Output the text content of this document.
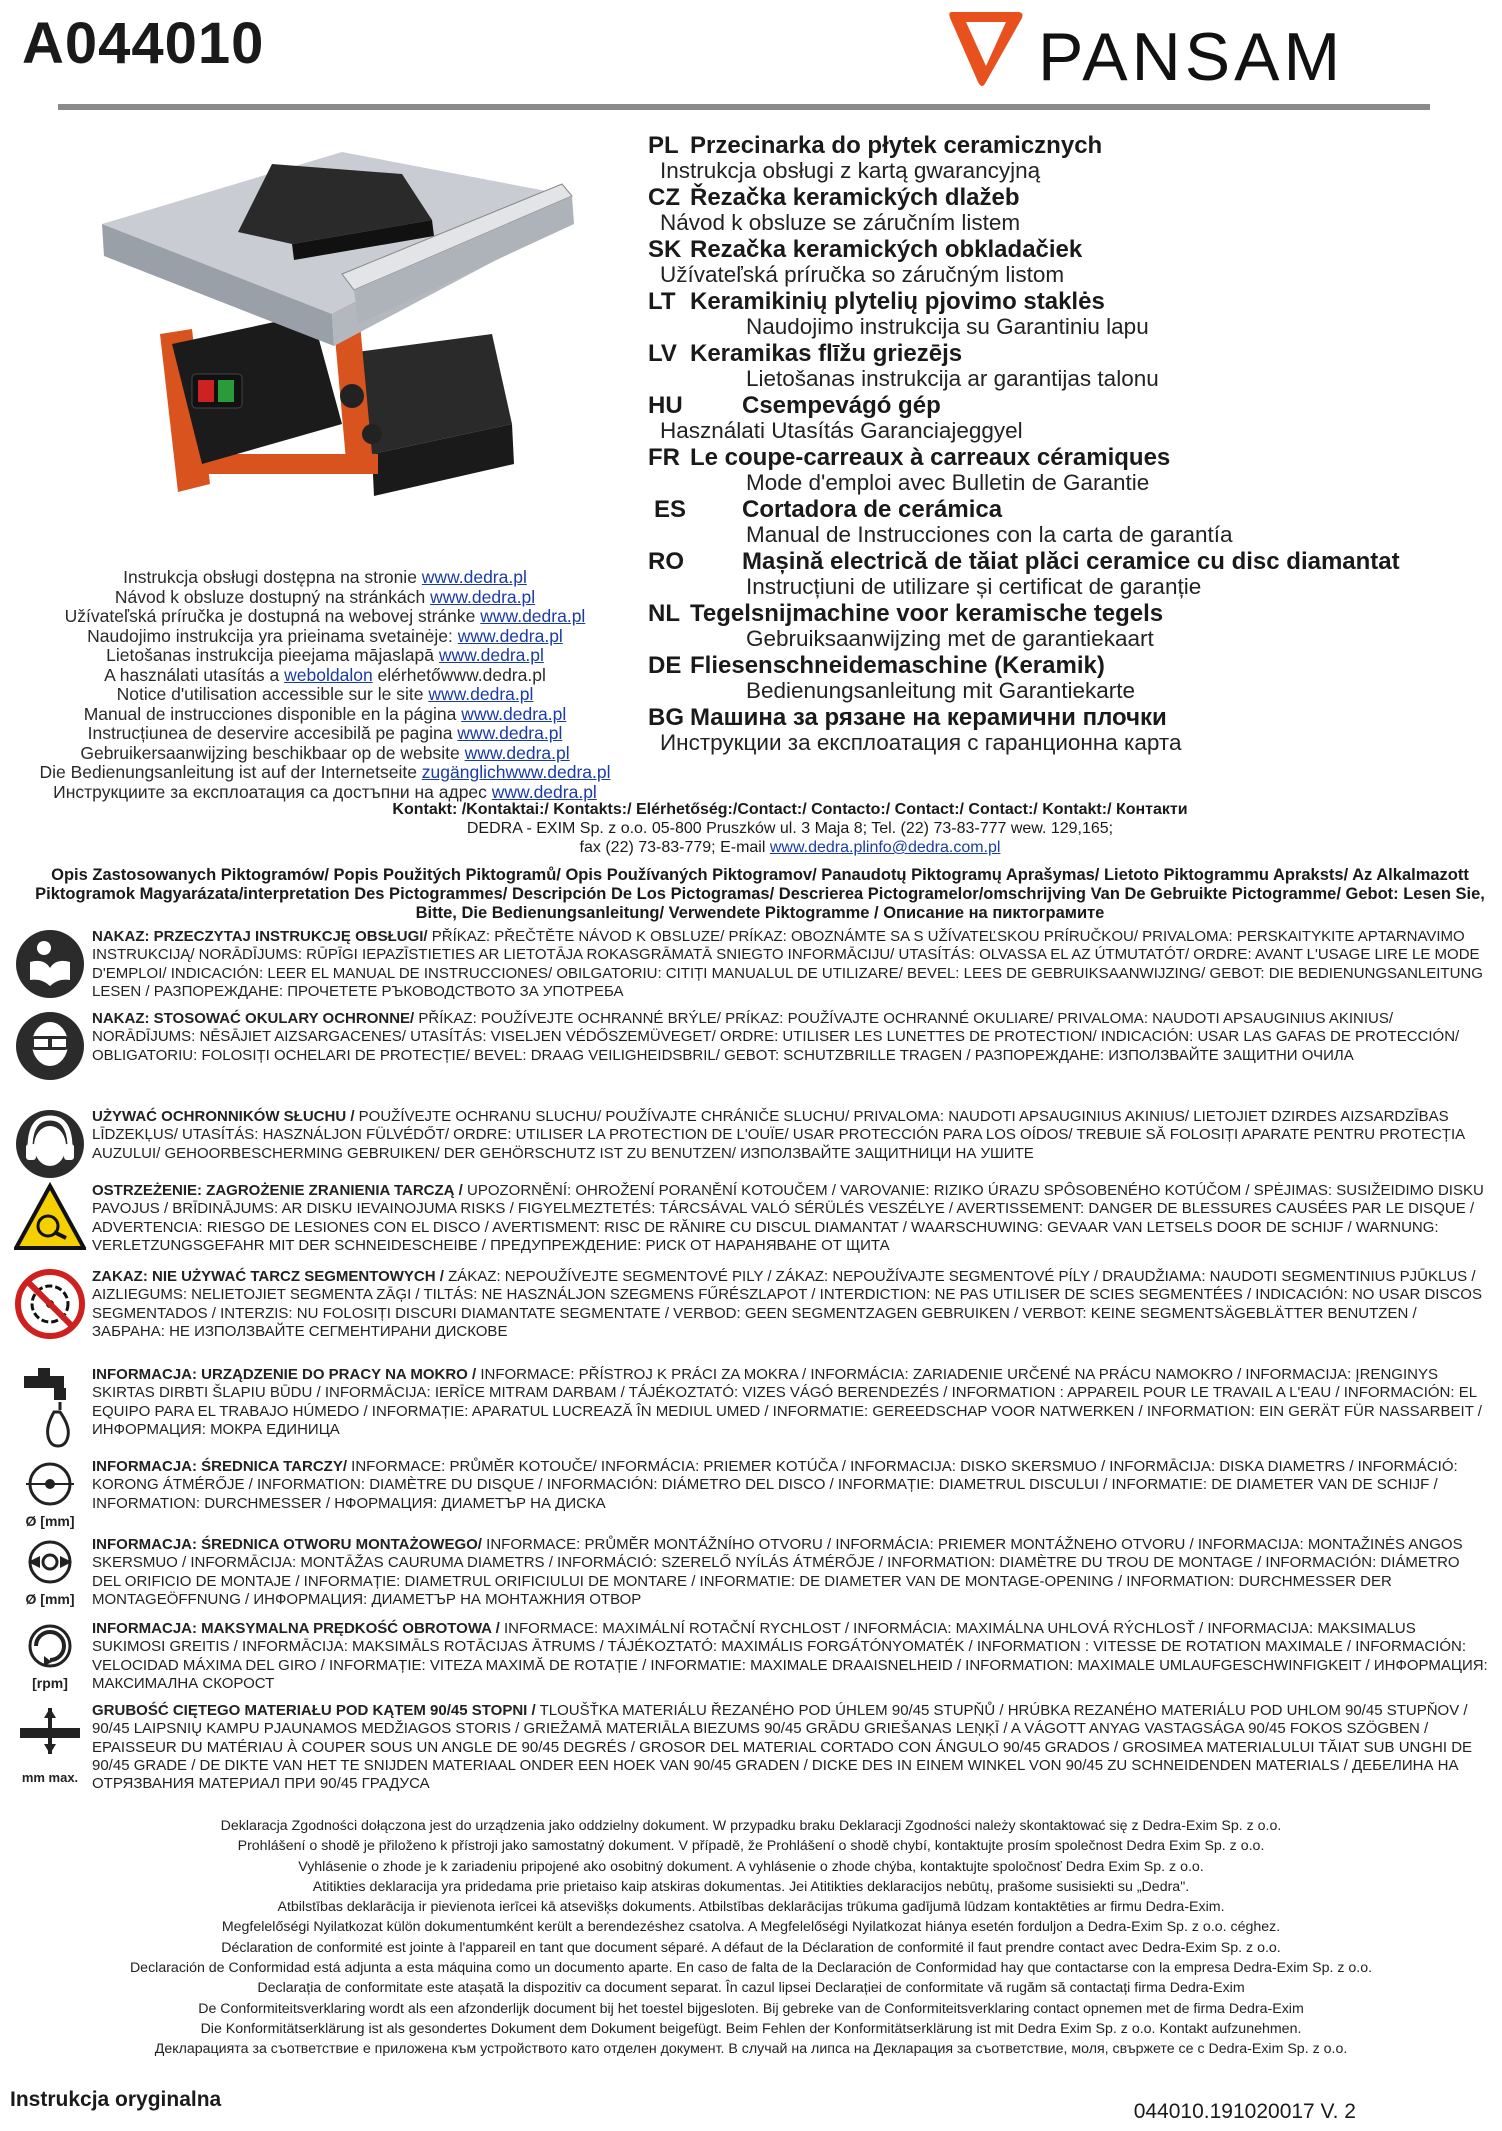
A044010	PANSAM
Instrukcja obsługi dostępna na stronie www.dedra.pl
Návod k obsluze dostupný na stránkách www.dedra.pl
Užívateľská príručka je dostupná na webovej stránke www.dedra.pl
Naudojimo instrukcija yra prieinama svetainėje: www.dedra.pl
Lietošanas instrukcija pieejama mājaslapā www.dedra.pl
A használati utasítás a weboldalon elérhetőwww.dedra.pl
Notice d'utilisation accessible sur le site www.dedra.pl
Manual de instrucciones disponible en la página www.dedra.pl
Instrucțiunea de deservire accesibilă pe pagina www.dedra.pl
Gebruikersaanwijzing beschikbaar op de website www.dedra.pl
Die Bedienungsanleitung ist auf der Internetseite zugänglichwww.dedra.pl
Инструкциите за експлоатация са достъпни на адрес www.dedra.pl
PL Przecinarka do płytek ceramicznych
Instrukcja obsługi z kartą gwarancyjną
CZ Řezačka keramických dlažeb
Návod k obsluze se záručním listem
SK Rezačka keramických obkladačiek
Užívateľská príručka so záručným listom
LT Keramikinių plytelių pjovimo staklės
Naudojimo instrukcija su Garantiniu lapu
LV Keramikas flīžu griezējs
Lietošanas instrukcija ar garantijas talonu
HU Csempevágó gép
Használati Utasítás Garanciajeggyel
FR Le coupe-carreaux à carreaux céramiques
Mode d'emploi avec Bulletin de Garantie
ES Cortadora de cerámica
Manual de Instrucciones con la carta de garantía
RO Mașină electrică de tăiat plăci ceramice cu disc diamantat
Instrucțiuni de utilizare și certificat de garanție
NL Tegelsnijmachine voor keramische tegels
Gebruiksaanwijzing met de garantiekaart
DE Fliesenschneidemaschine (Keramik)
Bedienungsanleitung mit Garantiekarte
BG Машина за рязане на керамични плочки
Инструкции за експлоатация с гаранционна карта
Kontakt: /Kontaktai:/ Kontakts:/ Elérhetőség:/Contact:/ Contacto:/ Contact:/ Contact:/ Kontakt:/ Контакти
DEDRA - EXIM Sp. z o.o. 05-800 Pruszków ul. 3 Maja 8; Tel. (22) 73-83-777 wew. 129,165;
fax (22) 73-83-779; E-mail www.dedra.plinfo@dedra.com.pl
Opis Zastosowanych Piktogramów/ Popis Použitých Piktogramů/ Opis Používaných Piktogramov/ Panaudotų Piktogramų Aprašymas/ Lietoto Piktogrammu Apraksts/ Az Alkalmazott Piktogramok Magyarázata/interpretation Des Pictogrammes/ Descripción De Los Pictogramas/ Descrierea Pictogramelor/omschrijving Van De Gebruikte Pictogramme/ Gebot: Lesen Sie, Bitte, Die Bedienungsanleitung/ Verwendete Piktogramme / Описание на пиктограмите
NAKAZ: PRZECZYTAJ INSTRUKCJĘ OBSŁUGI/ PŘÍKAZ: PŘEČTĚTE NÁVOD K OBSLUZE/ PRÍKAZ: OBOZNÁMTE SA S UŽÍVATEĽSKOU PRÍRUČKOU/ PRIVALOMA: PERSKAITYKITE APTARNAVIMO INSTRUKCIJĄ/ NORĀDĪJUMS: RŪPĪGI IEPAZĪSTIETIES AR LIETOTĀJA ROKASGRĀMATĀ SNIEGTO INFORMĀCIJU/ UTASÍTÁS: OLVASSA EL AZ ÚTMUTATÓT/ ORDRE: AVANT L'USAGE LIRE LE MODE D'EMPLOI/ INDICACIÓN: LEER EL MANUAL DE INSTRUCCIONES/ OBILGATORIU: CITIȚI MANUALUL DE UTILIZARE/ BEVEL: LEES DE GEBRUIKSAANWIJZING/ GEBOT: DIE BEDIENUNGSANLEITUNG LESEN / РАЗПОРЕЖДАНЕ: ПРОЧЕТЕТЕ РЪКОВОДСТВОТО ЗА УПОТРЕБА
NAKAZ: STOSOWAĆ OKULARY OCHRONNE/ PŘÍKAZ: POUŽÍVEJTE OCHRANNÉ BRÝLE/ PRÍKAZ: POUŽÍVAJTE OCHRANNÉ OKULIARE/ PRIVALOMA: NAUDOTI APSAUGINIUS AKINIUS/ NORĀDĪJUMS: NĒSĀJIET AIZSARGACENES/ UTASÍTÁS: VISELJEN VÉDŐSZEMÜVEGET/ ORDRE: UTILISER LES LUNETTES DE PROTECTION/ INDICACIÓN: USAR LAS GAFAS DE PROTECCIÓN/ OBLIGATORIU: FOLOSIȚI OCHELARI DE PROTECȚIE/ BEVEL: DRAAG VEILIGHEIDSBRIL/ GEBOT: SCHUTZBRILLE TRAGEN / РАЗПОРЕЖДАНЕ: ИЗПОЛЗВАЙТЕ ЗАЩИТНИ ОЧИЛА
UŻYWAĆ OCHRONNIKÓW SŁUCHU / POUŽÍVEJTE OCHRANU SLUCHU/ POUŽÍVAJTE CHRÁNIČE SLUCHU/ PRIVALOMA: NAUDOTI APSAUGINIUS AKINIUS/ LIETOJIET DZIRDES AIZSARDZĪBAS LĪDZEKĻUS/ UTASÍTÁS: HASZNÁLJON FÜLVÉDŐT/ ORDRE: UTILISER LA PROTECTION DE L'OUÏE/ USAR PROTECCIÓN PARA LOS OÍDOS/ TREBUIE SĂ FOLOSIȚI APARATE PENTRU PROTECȚIA AUZULUI/ GEHOORBESCHERMING GEBRUIKEN/ DER GEHÖRSCHUTZ IST ZU BENUTZEN/ ИЗПОЛЗВАЙТЕ ЗАЩИТНИЦИ НА УШИТЕ
OSTRZEŻENIE: ZAGROŻENIE ZRANIENIA TARCZĄ / UPOZORNĚNÍ: OHROŽENÍ PORANĚNÍ KOTOUČEM / VAROVANIE: RIZIKO ÚRAZU SPÔSOBENÉHO KOTÚČOM / SPĖJIMAS: SUSIŽEIDIMO DISKU PAVOJUS / BRĪDINĀJUMS: AR DISKU IEVAINOJUMA RISKS / FIGYELMEZTETÉS: TÁRCSÁVAL VALÓ SÉRÜLÉS VESZÉLYE / AVERTISSEMENT: DANGER DE BLESSURES CAUSÉES PAR LE DISQUE / ADVERTENCIA: RIESGO DE LESIONES CON EL DISCO / AVERTISMENT: RISC DE RĂNIRE CU DISCUL DIAMANTAT / WAARSCHUWING: GEVAAR VAN LETSELS DOOR DE SCHIJF / WARNUNG: VERLETZUNGSGEFAHR MIT DER SCHNEIDESCHEIBE / ПРЕДУПРЕЖДЕНИЕ: РИСК ОТ НАРАНЯВАНЕ ОТ ЩИТА
ZAKAZ: NIE UŻYWAĆ TARCZ SEGMENTOWYCH / ZÁKAZ: NEPOUŽÍVEJTE SEGMENTOVÉ PILY / ZÁKAZ: NEPOUŽÍVAJTE SEGMENTOVÉ PÍLY / DRAUDŽIAMA: NAUDOTI SEGMENTINIUS PJŪKLUS / AIZLIEGUMS: NELIETOJIET SEGMENTA ZĀĢI / TILTÁS: NE HASZNÁLJON SZEGMENS FŰRÉSZLAPOT / INTERDICTION: NE PAS UTILISER DE SCIES SEGMENTÉES / INDICACIÓN: NO USAR DISCOS SEGMENTADOS / INTERZIS: NU FOLOSIȚI DISCURI DIAMANTATE SEGMENTATE / VERBOD: GEEN SEGMENTZAGEN GEBRUIKEN / VERBOT: KEINE SEGMENTSÄGEBLÄTTER BENUTZEN / ЗАБРАНА: НЕ ИЗПОЛЗВАЙТЕ СЕГМЕНТИРАНИ ДИСКОВЕ
INFORMACJA: URZĄDZENIE DO PRACY NA MOKRO / INFORMACE: PŘÍSTROJ K PRÁCI ZA MOKRA / INFORMÁCIA: ZARIADENIE URČENÉ NA PRÁCU NAMOKRO / INFORMACIJA: ĮRENGINYS SKIRTAS DIRBTI ŠLAPIU BŪDU / INFORMĀCIJA: IERĪCE MITRAM DARBAM / TÁJÉKOZTATÓ: VIZES VÁGÓ BERENDEZÉS / INFORMATION : APPAREIL POUR LE TRAVAIL A L'EAU / INFORMACIÓN: EL EQUIPO PARA EL TRABAJO HÚMEDO / INFORMAȚIE: APARATUL LUCREAZĂ ÎN MEDIUL UMED / INFORMATIE: GEREEDSCHAP VOOR NATWERKEN / INFORMATION: EIN GERÄT FÜR NASSARBEIT / ИНФОРМАЦИЯ: МОКРА ЕДИНИЦА
Ø [mm]
INFORMACJA: ŚREDNICA TARCZY/ INFORMACE: PRŮMĚR KOTOUČE/ INFORMÁCIA: PRIEMER KOTÚČA / INFORMACIJA: DISKO SKERSMUO / INFORMĀCIJA: DISKA DIAMETRS / INFORMÁCIÓ: KORONG ÁTMÉRŐJE / INFORMATION: DIAMÈTRE DU DISQUE / INFORMACIÓN: DIÁMETRO DEL DISCO / INFORMAȚIE: DIAMETRUL DISCULUI / INFORMATIE: DE DIAMETER VAN DE SCHIJF / INFORMATION: DURCHMESSER / НФОРМАЦИЯ: ДИАМЕТЪР НА ДИСКА
Ø [mm]
INFORMACJA: ŚREDNICA OTWORU MONTAŻOWEGO/ INFORMACE: PRŮMĚR MONTÁŽNÍHO OTVORU / INFORMÁCIA: PRIEMER MONTÁŽNEHO OTVORU / INFORMACIJA: MONTAŽINĖS ANGOS SKERSMUO / INFORMĀCIJA: MONTĀŽAS CAURUMA DIAMETRS / INFORMÁCIÓ: SZERELŐ NYÍLÁS ÁTMÉRŐJE / INFORMATION: DIAMÈTRE DU TROU DE MONTAGE / INFORMACIÓN: DIÁMETRO DEL ORIFICIO DE MONTAJE / INFORMAȚIE: DIAMETRUL ORIFICIULUI DE MONTARE / INFORMATIE: DE DIAMETER VAN DE MONTAGE-OPENING / INFORMATION: DURCHMESSER DER MONTAGEÖFFNUNG / ИНФОРМАЦИЯ: ДИАМЕТЪР НА МОНТАЖНИЯ ОТВОР
[rpm]
INFORMACJA: MAKSYMALNA PRĘDKOŚĆ OBROTOWA / INFORMACE: MAXIMÁLNÍ ROTAČNÍ RYCHLOST / INFORMÁCIA: MAXIMÁLNA UHLOVÁ RÝCHLOSŤ / INFORMACIJA: MAKSIMALUS SUKIMOSI GREITIS / INFORMĀCIJA: MAKSIMĀLS ROTĀCIJAS ĀTRUMS / TÁJÉKOZTATÓ: MAXIMÁLIS FORGÁTÓNYOMATÉK / INFORMATION : VITESSE DE ROTATION MAXIMALE / INFORMACIÓN: VELOCIDAD MÁXIMA DEL GIRO / INFORMAȚIE: VITEZA MAXIMĂ DE ROTAȚIE / INFORMATIE: MAXIMALE DRAAISNELHEID / INFORMATION: MAXIMALE UMLAUFGESCHWINFIGKEIT / ИНФОРМАЦИЯ: МАКСИМАЛНА СКОРОСТ
mm max.
GRUBOŚĆ CIĘTEGO MATERIAŁU POD KĄTEM 90/45 STOPNI / TLOUŠŤKA MATERIÁLU ŘEZANÉHO POD ÚHLEM 90/45 STUPŇŮ / HRÚBKA REZANÉHO MATERIÁLU POD UHLOM 90/45 STUPŇOV / 90/45 LAIPSNIŲ KAMPU PJAUNAMOS MEDŽIAGOS STORIS / GRIEŽAMĀ MATERIĀLA BIEZUMS 90/45 GRĀDU GRIEŠANAS LEŅĶĪ / A VÁGOTT ANYAG VASTAGSÁGA 90/45 FOKOS SZÖGBEN / EPAISSEUR DU MATÉRIAU À COUPER SOUS UN ANGLE DE 90/45 DEGRÉS / GROSOR DEL MATERIAL CORTADO CON ÁNGULO 90/45 GRADOS / GROSIMEA MATERIALULUI TĂIAT SUB UNGHI DE 90/45 GRADE / DE DIKTE VAN HET TE SNIJDEN MATERIAAL ONDER EEN HOEK VAN 90/45 GRADEN / DICKE DES IN EINEM WINKEL VON 90/45 ZU SCHNEIDENDEN MATERIALS / ДЕБЕЛИНА НА ОТРЯЗВАНИЯ МАТЕРИАЛ ПРИ 90/45 ГРАДУСА
Deklaracja Zgodności dołączona jest do urządzenia jako oddzielny dokument. W przypadku braku Deklaracji Zgodności należy skontaktować się z Dedra-Exim Sp. z o.o.
Prohlášení o shodě je přiloženo k přístroji jako samostatný dokument. V případě, že Prohlášení o shodě chybí, kontaktujte prosím společnost Dedra Exim Sp. z o.o.
Vyhlásenie o zhode je k zariadeniu pripojené ako osobitný dokument. A vyhlásenie o zhode chýba, kontaktujte spoločnosť Dedra Exim Sp. z o.o.
Atitikties deklaracija yra pridedama prie prietaiso kaip atskiras dokumentas. Jei Atitikties deklaracijos nebūtų, prašome susisiekti su „Dedra".
Atbilstības deklarācija ir pievienota ierīcei kā atsevišķs dokuments. Atbilstības deklarācijas trūkuma gadījumā lūdzam kontaktēties ar firmu Dedra-Exim.
Megfelelőségi Nyilatkozat külön dokumentumként került a berendezéshez csatolva. A Megfelelőségi Nyilatkozat hiánya esetén forduljon a Dedra-Exim Sp. z o.o. céghez.
Déclaration de conformité est jointe à l'appareil en tant que document séparé. A défaut de la Déclaration de conformité il faut prendre contact avec Dedra-Exim Sp. z o.o.
Declaración de Conformidad está adjunta a esta máquina como un documento aparte. En caso de falta de la Declaración de Conformidad hay que contactarse con la empresa Dedra-Exim Sp. z o.o.
Declarația de conformitate este atașată la dispozitiv ca document separat. În cazul lipsei Declarației de conformitate vă rugăm să contactați firma Dedra-Exim
De Conformiteitsverklaring wordt als een afzonderlijk document bij het toestel bijgesloten. Bij gebreke van de Conformiteitsverklaring contact opnemen met de firma Dedra-Exim
Die Konformitätserklärung ist als gesondertes Dokument dem Dokument beigefügt. Beim Fehlen der Konformitätserklärung ist mit Dedra Exim Sp. z o.o. Kontakt aufzunehmen.
Декларацията за съответствие е приложена към устройството като отделен документ. В случай на липса на Декларация за съответствие, моля, свържете се с Dedra-Exim Sp. z o.o.
Instrukcja oryginalna
044010.191020017 V. 2
